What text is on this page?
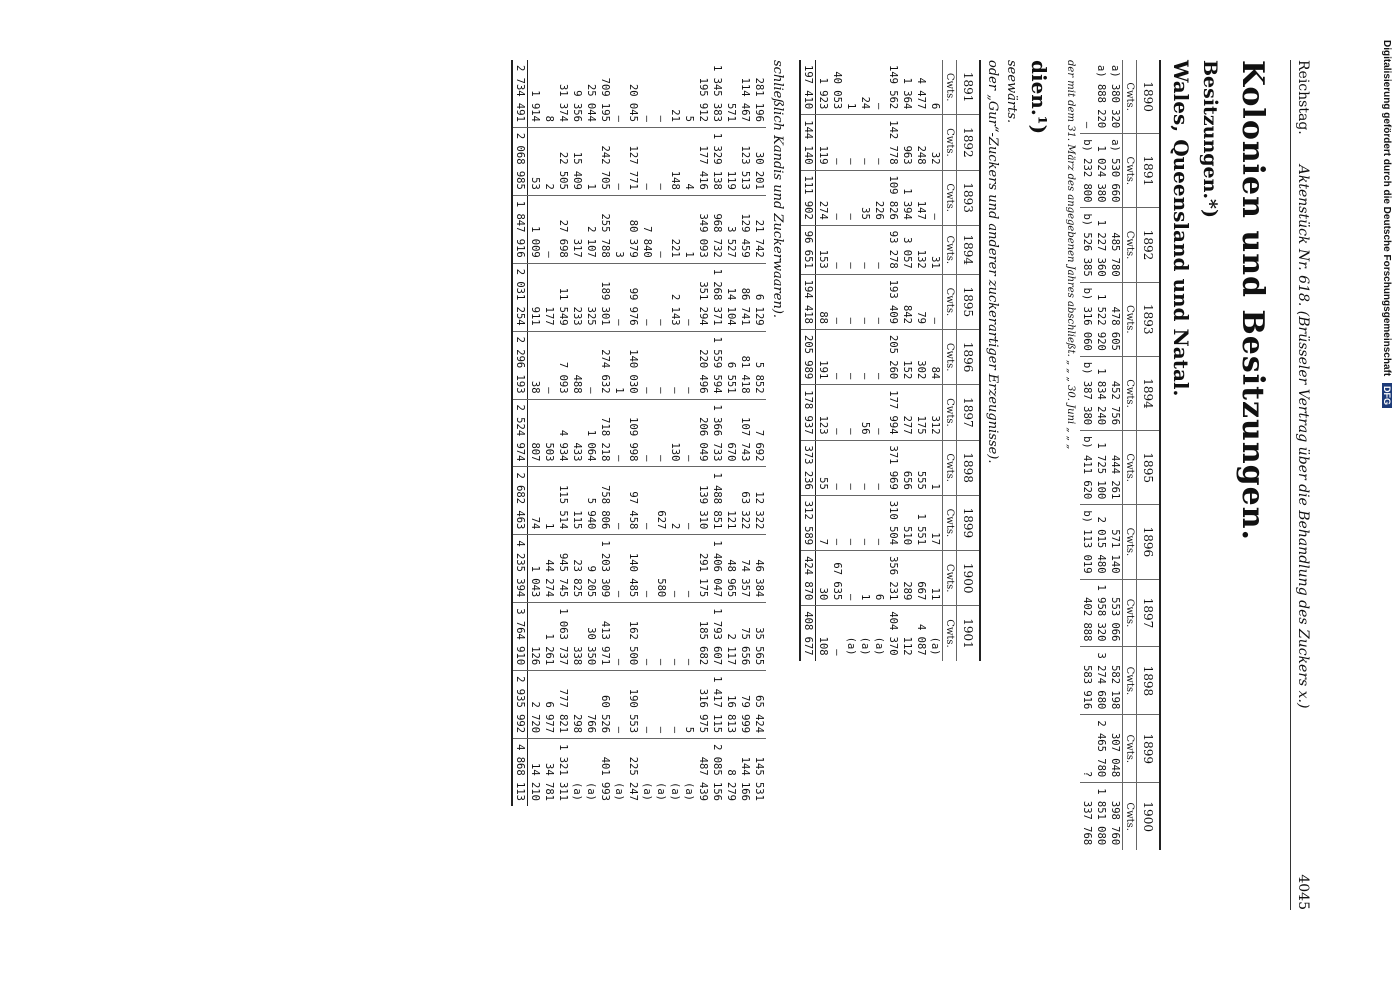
Reichstag.
Aktenstück Nr. 618. (Brüsseler Vertrag über die Behandlung des Zuckers x.)
4045
Kolonien und Besitzungen.
Besitzungen.*)
Wales, Queensland und Natal.
1890	1891	1892	1893	1894	1895	1896	1897	1898	1899	1900
Cwts.	Cwts.	Cwts.	Cwts.	Cwts.	Cwts.	Cwts.	Cwts.	Cwts.	Cwts.	Cwts.
a) 380 320	a) 530 660	485 780	478 605	452 756	444 261	571 140	553 066	582 198	307 048	398 760
a) 888 220	1 024 380	1 227 360	1 522 920	1 834 240	1 725 100	2 015 480	1 958 320	3 274 680	2 465 780	1 851 080
—	b) 232 800	b) 526 385	b) 316 060	b) 387 380	b) 411 620	b) 113 019	402 888	583 916	?	337 768
der mit dem 31. März des angegebenen Jahres abschließt. „ „ „ 30. Juni „ „ „
dien.¹)
seewärts.
oder „Gur“-Zuckers und anderer zuckerartiger Erzeugnisse).
1891	1892	1893	1894	1895	1896	1897	1898	1899	1900	1901
Cwts.	Cwts.	Cwts.	Cwts.	Cwts.	Cwts.	Cwts.	Cwts.	Cwts.	Cwts.	Cwts.
6	32	—	31	—	84	312	1	17	11	(a)
4 477	248	147	132	79	302	175	555	1 551	667	4 087
1 364	963	1 394	3 057	842	152	277	656	510	289	112
149 562	142 778	109 826	93 278	193 409	205 260	177 994	371 969	310 504	356 231	404 370
—	—	226	—	—	—	—	—	—	6	(a)
24	—	35	—	—	—	56	—	—	1	(a)
1	—	—	—	—	—	—	—	—	—	(a)
40 053	—	—	—	—	—	—	—	—	67 635	—
1 923	119	274	153	88	191	123	55	7	30	108
197 410	144 140	111 902	96 651	194 418	205 989	178 937	373 236	312 589	424 870	408 677
schließlich Kandis und Zuckerwaaren).
281 196	30 201	21 742	6 129	5 852	7 692	12 322	46 384	35 565	65 424	145 531
114 467	123 513	129 459	86 741	81 418	107 743	63 322	74 357	75 656	79 999	144 166
571	119	3 527	14 104	6 551	670	121	48 965	2 117	16 813	8 279
1 345 383	1 329 138	968 732	1 268 371	1 559 594	1 366 733	1 488 851	1 406 047	1 793 607	1 417 115	2 085 156
195 912	177 416	349 093	351 294	220 496	206 049	139 310	291 175	185 682	316 975	487 439
5	4	1	—	—	—	—	—	—	5	(a)
21	148	221	2 143	—	130	2	—	—	—	(a)
—	—	—	—	—	—	627	580	—	—	(a)
—	—	7 840	—	—	—	—	—	—	—	(a)
20 045	127 771	80 379	99 976	140 030	109 998	97 458	140 485	162 500	190 553	225 247
—	—	3	—	1	—	—	—	—	—	(a)
709 195	242 705	255 788	189 301	274 632	718 218	758 806	1 203 309	413 971	60 526	401 993
25 044	1	2 107	325	—	1 064	5 940	9 205	30 350	766	(a)
9 356	15 409	317	233	488	433	115	23 825	338	298	(a)
31 374	22 505	27 698	11 549	7 093	4 934	115 514	945 745	1 063 737	777 821	1 321 311
8	2	—	177	—	503	1	44 274	1 261	6 977	34 781
1 914	53	1 009	911	38	807	74	1 043	126	2 720	14 210
2 734 491	2 068 985	1 847 916	2 031 254	2 296 193	2 524 974	2 682 463	4 235 394	3 764 910	2 935 992	4 868 113
Digitalisierung gefördert durch die Deutsche Forschungsgemeinschaft DFG
